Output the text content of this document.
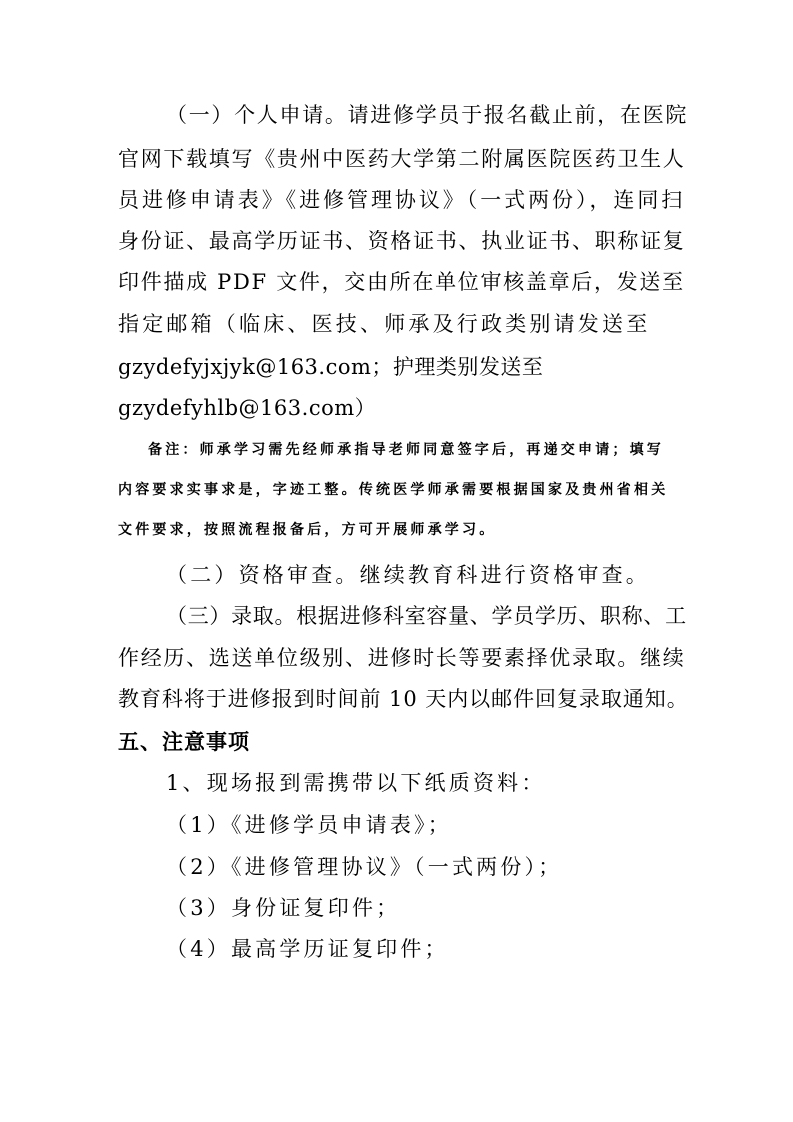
（一）个人申请。请进修学员于报名截止前，在医院
官网下载填写《贵州中医药大学第二附属医院医药卫生人
员进修申请表》《进修管理协议》（一式两份），连同扫
身份证、最高学历证书、资格证书、执业证书、职称证复
印件描成 PDF 文件，交由所在单位审核盖章后，发送至
指定邮箱（临床、医技、师承及行政类别请发送至
gzydefyjxjyk@163.com；护理类别发送至
gzydefyhlb@163.com）
备注：师承学习需先经师承指导老师同意签字后，再递交申请；填写
内容要求实事求是，字迹工整。传统医学师承需要根据国家及贵州省相关
文件要求，按照流程报备后，方可开展师承学习。
（二）资格审查。继续教育科进行资格审查。
（三）录取。根据进修科室容量、学员学历、职称、工
作经历、选送单位级别、进修时长等要素择优录取。继续
教育科将于进修报到时间前 10 天内以邮件回复录取通知。
五、注意事项
1、现场报到需携带以下纸质资料：
（1）《进修学员申请表》；
（2）《进修管理协议》（一式两份）；
（3）身份证复印件；
（4）最高学历证复印件；
